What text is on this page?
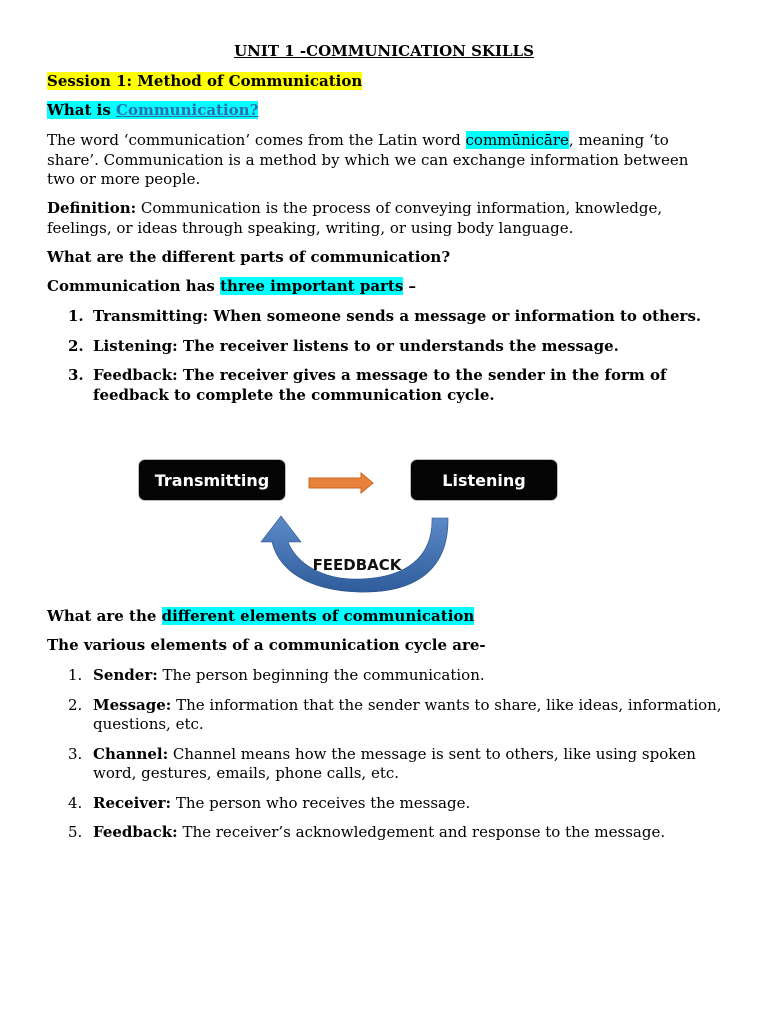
UNIT 1 -COMMUNICATION SKILLS

Session 1: Method of Communication

What is Communication?

The word ‘communication’ comes from the Latin word commūnicāre, meaning ‘to share’. Communication is a method by which we can exchange information between two or more people.

Definition: Communication is the process of conveying information, knowledge, feelings, or ideas through speaking, writing, or using body language.

What are the different parts of communication?

Communication has three important parts –

1. Transmitting: When someone sends a message or information to others.
2. Listening: The receiver listens to or understands the message.
3. Feedback: The receiver gives a message to the sender in the form of feedback to complete the communication cycle.
Transmitting	Listening
FEEDBACK

What are the different elements of communication

The various elements of a communication cycle are-

1. Sender: The person beginning the communication.
2. Message: The information that the sender wants to share, like ideas, information, questions, etc.
3. Channel: Channel means how the message is sent to others, like using spoken word, gestures, emails, phone calls, etc.
4. Receiver: The person who receives the message.
5. Feedback: The receiver’s acknowledgement and response to the message.
